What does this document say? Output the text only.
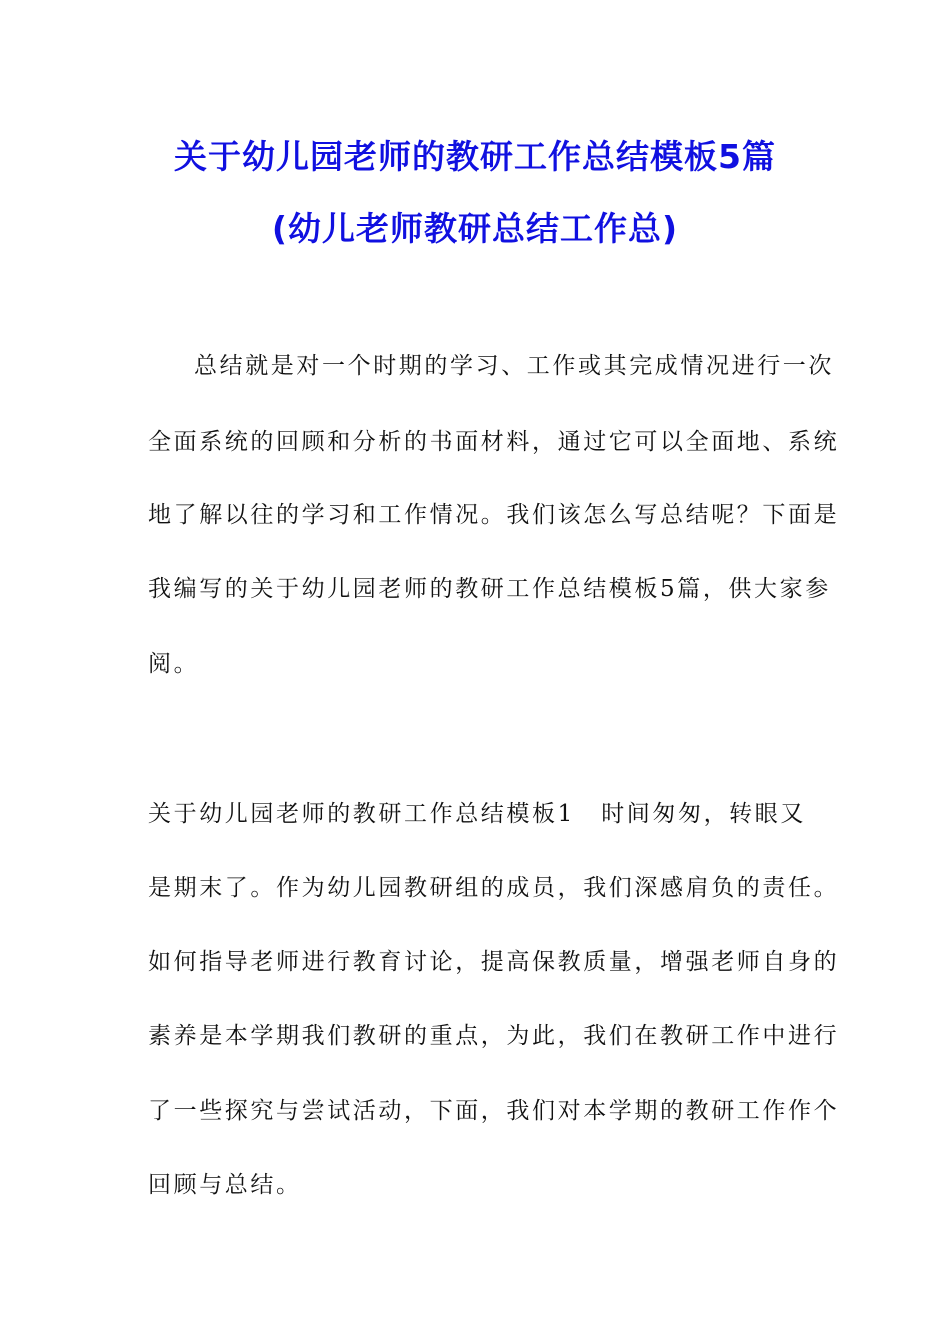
关于幼儿园老师的教研工作总结模板5篇
(幼儿老师教研总结工作总)
总结就是对一个时期的学习、工作或其完成情况进行一次
全面系统的回顾和分析的书面材料，通过它可以全面地、系统
地了解以往的学习和工作情况。我们该怎么写总结呢？下面是
我编写的关于幼儿园老师的教研工作总结模板5篇，供大家参
阅。
关于幼儿园老师的教研工作总结模板1 时间匆匆，转眼又
是期末了。作为幼儿园教研组的成员，我们深感肩负的责任。
如何指导老师进行教育讨论，提高保教质量，增强老师自身的
素养是本学期我们教研的重点，为此，我们在教研工作中进行
了一些探究与尝试活动，下面，我们对本学期的教研工作作个
回顾与总结。
